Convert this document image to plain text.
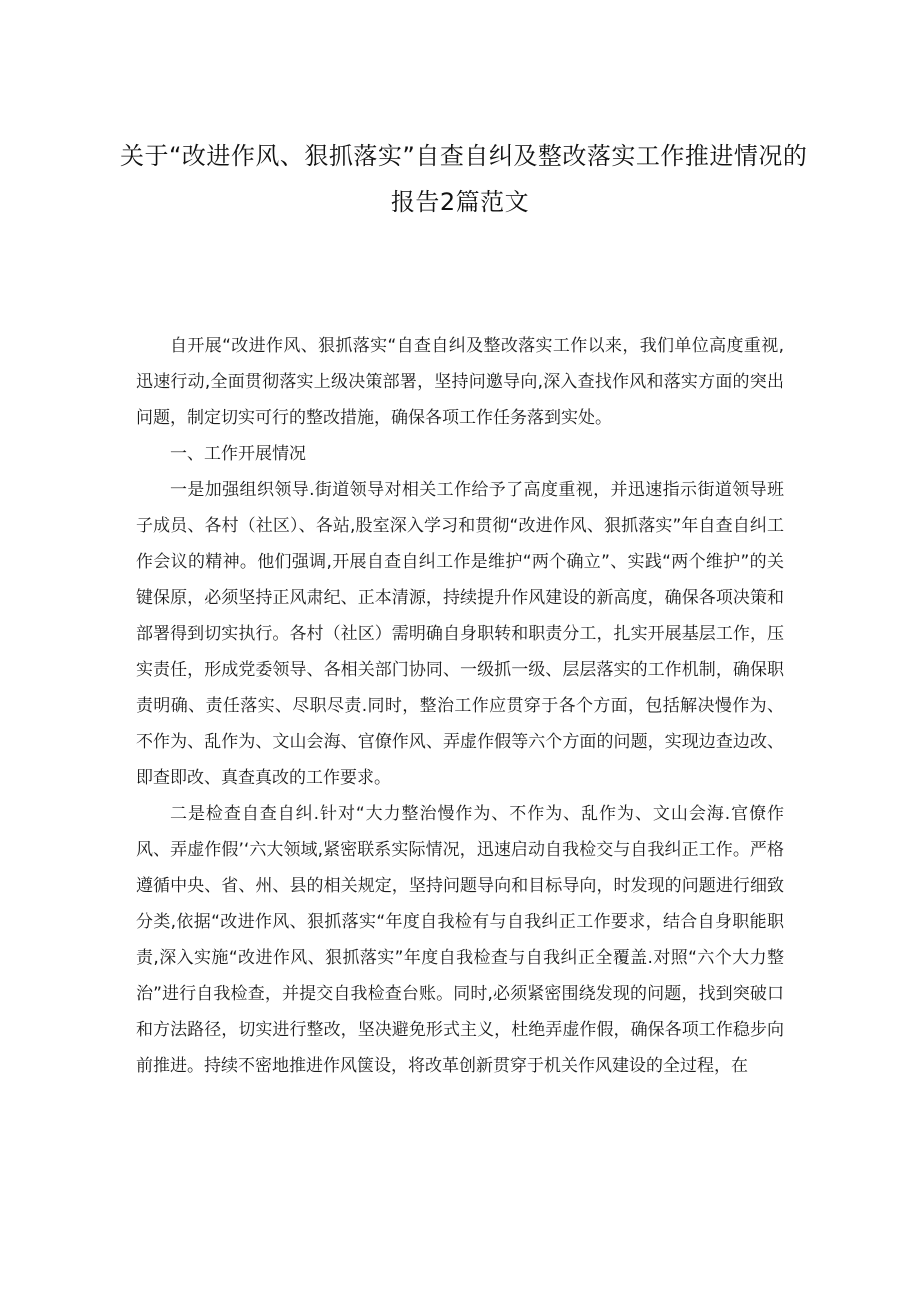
关于“改进作风、狠抓落实”自查自纠及整改落实工作推进情况的
报告2篇范文

自开展“改进作风、狠抓落实“自查自纠及整改落实工作以来，我们单位高度重视,迅速行动,全面贯彻落实上级决策部署，坚持问邀导向,深入查找作风和落实方面的突出问题，制定切实可行的整改措施，确保各项工作任务落到实处。

一、工作开展情况

一是加强组织领导.街道领导对相关工作给予了高度重视，并迅速指示街道领导班子成员、各村（社区）、各站,股室深入学习和贯彻“改进作风、狠抓落实”年自查自纠工作会议的精神。他们强调,开展自查自纠工作是维护“两个确立”、实践“两个维护”的关键保原，必须坚持正风肃纪、正本清源，持续提升作风建设的新高度，确保各项决策和部署得到切实执行。各村（社区）需明确自身职转和职责分工，扎实开展基层工作，压实责任，形成党委领导、各相关部门协同、一级抓一级、层层落实的工作机制，确保职责明确、责任落实、尽职尽责.同时，整治工作应贯穿于各个方面，包括解决慢作为、不作为、乱作为、文山会海、官僚作风、弄虚作假等六个方面的问题，实现边查边改、即查即改、真查真改的工作要求。

二是检查自查自纠.针对“大力整治慢作为、不作为、乱作为、文山会海.官僚作风、弄虚作假’‘六大领域,紧密联系实际情况，迅速启动自我检交与自我纠正工作。严格遵循中央、省、州、县的相关规定，坚持问题导向和目标导向，时发现的问题进行细致分类,依据“改进作风、狠抓落实“年度自我检有与自我纠正工作要求，结合自身职能职责,深入实施“改进作风、狠抓落实”年度自我检查与自我纠正全覆盖.对照“六个大力整治”进行自我检查，并提交自我检查台账。同时,必须紧密围绕发现的问题，找到突破口和方法路径，切实进行整改，坚决避免形式主义，杜绝弄虚作假，确保各项工作稳步向前推进。持续不密地推进作风箧设，将改革创新贯穿于机关作风建设的全过程，在
